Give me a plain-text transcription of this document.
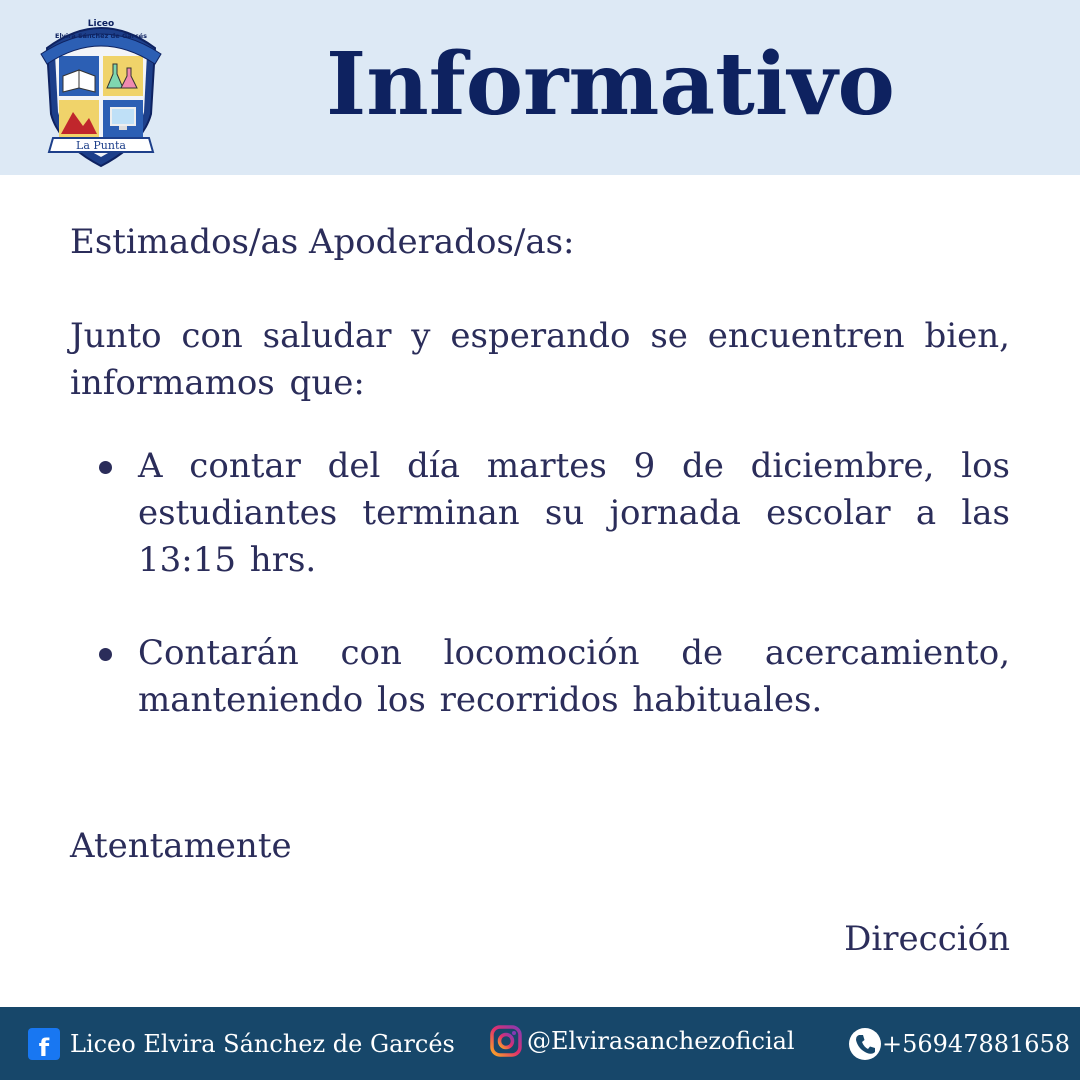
Liceo
Elvira Sánchez de Garcés
La Punta
Informativo

Estimados/as Apoderados/as:

Junto con saludar y esperando se encuentren bien, informamos que:

A contar del día martes 9 de diciembre, los estudiantes terminan su jornada escolar a las 13:15 hrs.
Contarán con locomoción de acercamiento, manteniendo los recorridos habituales.
Atentamente
Dirección
f Liceo Elvira Sánchez de Garcés	@Elvirasanchezoficial	+56947881658
